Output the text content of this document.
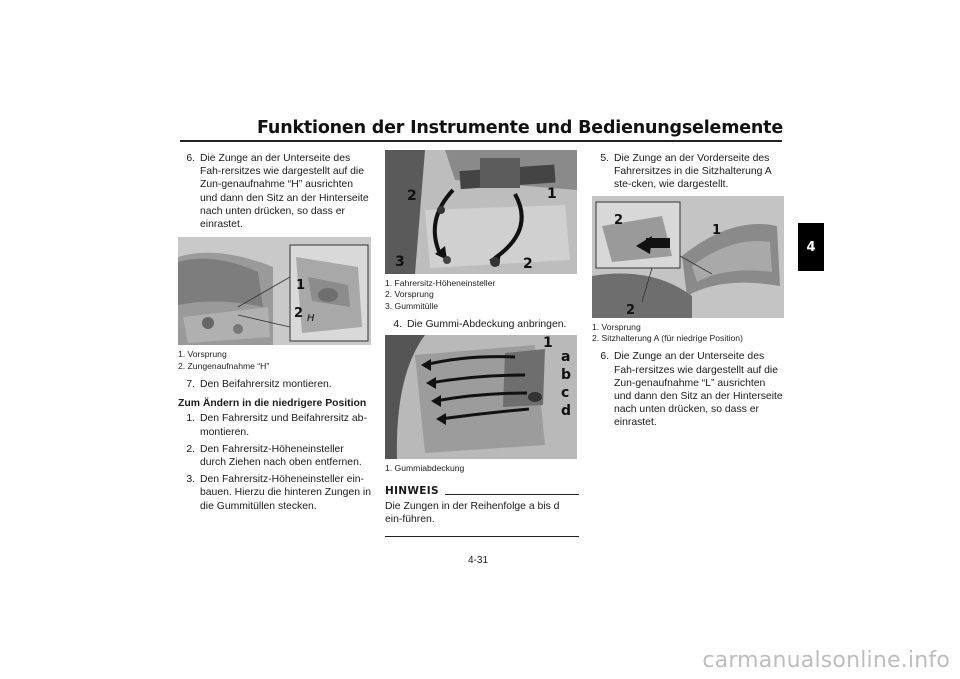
Funktionen der Instrumente und Bedienungselemente
4
6. Die Zunge an der Unterseite des Fah-rersitzes wie dargestellt auf die Zun-genaufnahme “H” ausrichten und dann den Sitz an der Hinterseite nach unten drücken, so dass er einrastet.
1
2 H
1. Vorsprung
2. Zungenaufnahme “H”
7. Den Beifahrersitz montieren.
Zum Ändern in die niedrigere Position
1. Den Fahrersitz und Beifahrersitz ab-montieren.
2. Den Fahrersitz-Höheneinsteller durch Ziehen nach oben entfernen.
3. Den Fahrersitz-Höheneinsteller ein-bauen. Hierzu die hinteren Zungen in die Gummitüllen stecken.
2	1
3	2
1. Fahrersitz-Höheneinsteller
2. Vorsprung
3. Gummitülle
4. Die Gummi-Abdeckung anbringen.
1
a
b
c
d
1. Gummiabdeckung
HINWEIS
Die Zungen in der Reihenfolge a bis d ein-führen.
5. Die Zunge an der Vorderseite des Fahrersitzes in die Sitzhalterung A ste-cken, wie dargestellt.
2
1
2
1. Vorsprung
2. Sitzhalterung A (für niedrige Position)
6. Die Zunge an der Unterseite des Fah-rersitzes wie dargestellt auf die Zun-genaufnahme “L” ausrichten und dann den Sitz an der Hinterseite nach unten drücken, so dass er einrastet.
4-31
carmanualsonline.info
